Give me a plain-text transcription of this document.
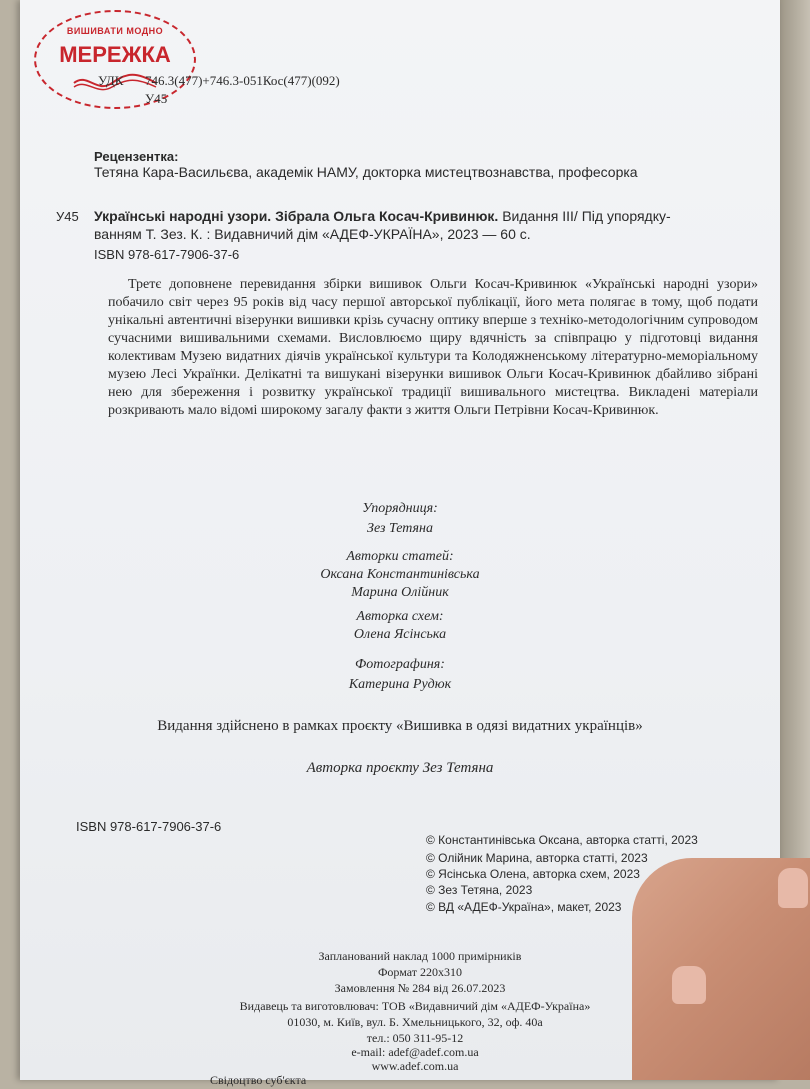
ВИШИВАТИ МОДНО
МЕРЕЖКА
УДК 746.3(477)+746.3-051Кос(477)(092)
У45
Рецензентка:
Тетяна Кара-Васильєва, академік НАМУ, докторка мистецтвознавства, професорка
У45 Українські народні узори. Зібрала Ольга Косач-Кривинюк. Видання ІІІ/ Під упорядку-
ванням Т. Зез. К. : Видавничий дім «АДЕФ-УКРАЇНА», 2023 — 60 с.
ISBN 978-617-7906-37-6
Третє доповнене перевидання збірки вишивок Ольги Косач-Кривинюк «Українські народні узори» побачило світ через 95 років від часу першої авторської публікації, його мета полягає в тому, щоб подати унікальні автентичні візерунки вишивки крізь сучасну оптику вперше з техніко-методологічним супроводом сучасними вишивальними схемами. Висловлюємо щиру вдячність за співпрацю у підготовці видання колективам Музею видатних діячів української культури та Колодяжненському літературно-меморіальному музею Лесі Українки. Делікатні та вишукані візерунки вишивок Ольги Косач-Кривинюк дбайливо зібрані нею для збереження і розвитку української традиції вишивального мистецтва. Викладені матеріали розкривають мало відомі широкому загалу факти з життя Ольги Петрівни Косач-Кривинюк.
Упорядниця:
Зез Тетяна
Авторки статей:
Оксана Константинівська
Марина Олійник
Авторка схем:
Олена Ясінська
Фотографиня:
Катерина Рудюк
Видання здійснено в рамках проєкту «Вишивка в одязі видатних українців»
Авторка проєкту Зез Тетяна
ISBN 978-617-7906-37-6
© Константинівська Оксана, авторка статті, 2023
© Олійник Марина, авторка статті, 2023
© Ясінська Олена, авторка схем, 2023
© Зез Тетяна, 2023
© ВД «АДЕФ-Україна», макет, 2023
Запланований наклад 1000 примірників
Формат 220х310
Замовлення № 284 від 26.07.2023
Видавець та виготовлювач: ТОВ «Видавничий дім «АДЕФ-Україна»
01030, м. Київ, вул. Б. Хмельницького, 32, оф. 40а
тел.: 050 311-95-12
e-mail: adef@adef.com.ua
www.adef.com.ua
Свідоцтво суб'єкта
